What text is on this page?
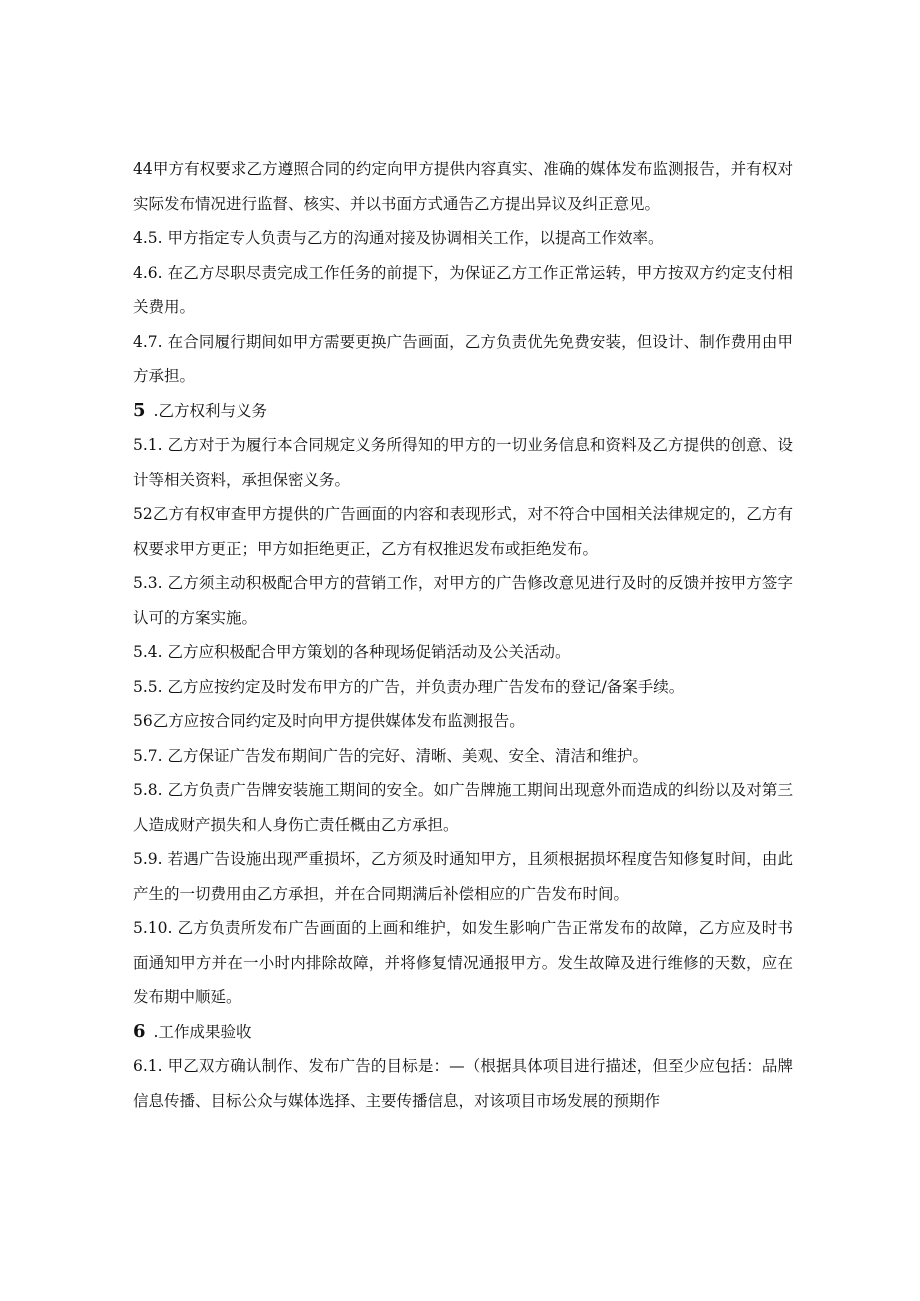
44甲方有权要求乙方遵照合同的约定向甲方提供内容真实、准确的媒体发布监测报告，并有权对实际发布情况进行监督、核实、并以书面方式通告乙方提出异议及纠正意见。

4.5. 甲方指定专人负责与乙方的沟通对接及协调相关工作，以提高工作效率。

4.6. 在乙方尽职尽责完成工作任务的前提下，为保证乙方工作正常运转，甲方按双方约定支付相关费用。

4.7. 在合同履行期间如甲方需要更换广告画面，乙方负责优先免费安装，但设计、制作费用由甲方承担。

5 .乙方权利与义务

5.1. 乙方对于为履行本合同规定义务所得知的甲方的一切业务信息和资料及乙方提供的创意、设计等相关资料，承担保密义务。

52乙方有权审查甲方提供的广告画面的内容和表现形式，对不符合中国相关法律规定的，乙方有权要求甲方更正；甲方如拒绝更正，乙方有权推迟发布或拒绝发布。

5.3. 乙方须主动积极配合甲方的营销工作，对甲方的广告修改意见进行及时的反馈并按甲方签字认可的方案实施。

5.4. 乙方应积极配合甲方策划的各种现场促销活动及公关活动。

5.5. 乙方应按约定及时发布甲方的广告，并负责办理广告发布的登记/备案手续。

56乙方应按合同约定及时向甲方提供媒体发布监测报告。

5.7. 乙方保证广告发布期间广告的完好、清晰、美观、安全、清洁和维护。

5.8. 乙方负责广告牌安装施工期间的安全。如广告牌施工期间出现意外而造成的纠纷以及对第三人造成财产损失和人身伤亡责任概由乙方承担。

5.9. 若遇广告设施出现严重损坏，乙方须及时通知甲方，且须根据损坏程度告知修复时间，由此产生的一切费用由乙方承担，并在合同期满后补偿相应的广告发布时间。

5.10. 乙方负责所发布广告画面的上画和维护，如发生影响广告正常发布的故障，乙方应及时书面通知甲方并在一小时内排除故障，并将修复情况通报甲方。发生故障及进行维修的天数，应在发布期中顺延。

6 .工作成果验收

6.1. 甲乙双方确认制作、发布广告的目标是：—（根据具体项目进行描述，但至少应包括：品牌信息传播、目标公众与媒体选择、主要传播信息，对该项目市场发展的预期作
